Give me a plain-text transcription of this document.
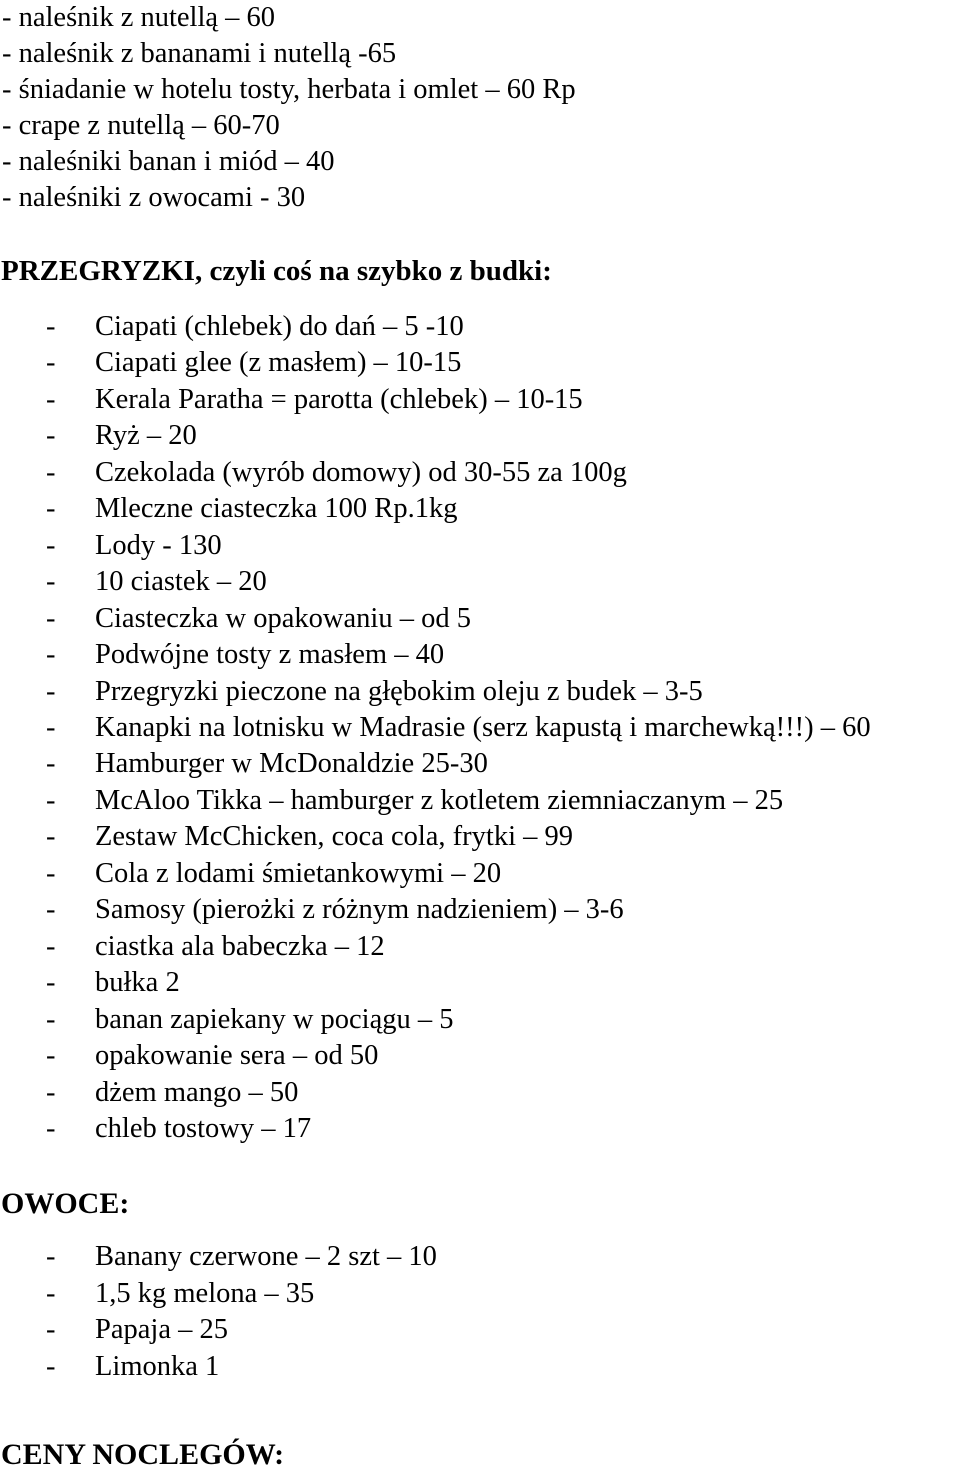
- naleśnik z nutellą – 60
- naleśnik z bananami i nutellą -65
- śniadanie w hotelu tosty, herbata i omlet – 60 Rp
- crape z nutellą – 60-70
- naleśniki banan i miód – 40
- naleśniki z owocami - 30
PRZEGRYZKI, czyli coś na szybko z budki:
- Ciapati (chlebek) do dań – 5 -10
- Ciapati glee (z masłem) – 10-15
- Kerala Paratha = parotta (chlebek) – 10-15
- Ryż – 20
- Czekolada (wyrób domowy) od 30-55 za 100g
- Mleczne ciasteczka 100 Rp.1kg
- Lody - 130
- 10 ciastek – 20
- Ciasteczka w opakowaniu – od 5
- Podwójne tosty z masłem – 40
- Przegryzki pieczone na głębokim oleju z budek – 3-5
- Kanapki na lotnisku w Madrasie (serz kapustą i marchewką!!!) – 60
- Hamburger w McDonaldzie 25-30
- McAloo Tikka – hamburger z kotletem ziemniaczanym – 25
- Zestaw McChicken, coca cola, frytki – 99
- Cola z lodami śmietankowymi – 20
- Samosy (pierożki z różnym nadzieniem) – 3-6
- ciastka ala babeczka – 12
- bułka 2
- banan zapiekany w pociągu – 5
- opakowanie sera – od 50
- dżem mango – 50
- chleb tostowy – 17
OWOCE:
- Banany czerwone – 2 szt – 10
- 1,5 kg melona – 35
- Papaja – 25
- Limonka 1
CENY NOCLEGÓW:
